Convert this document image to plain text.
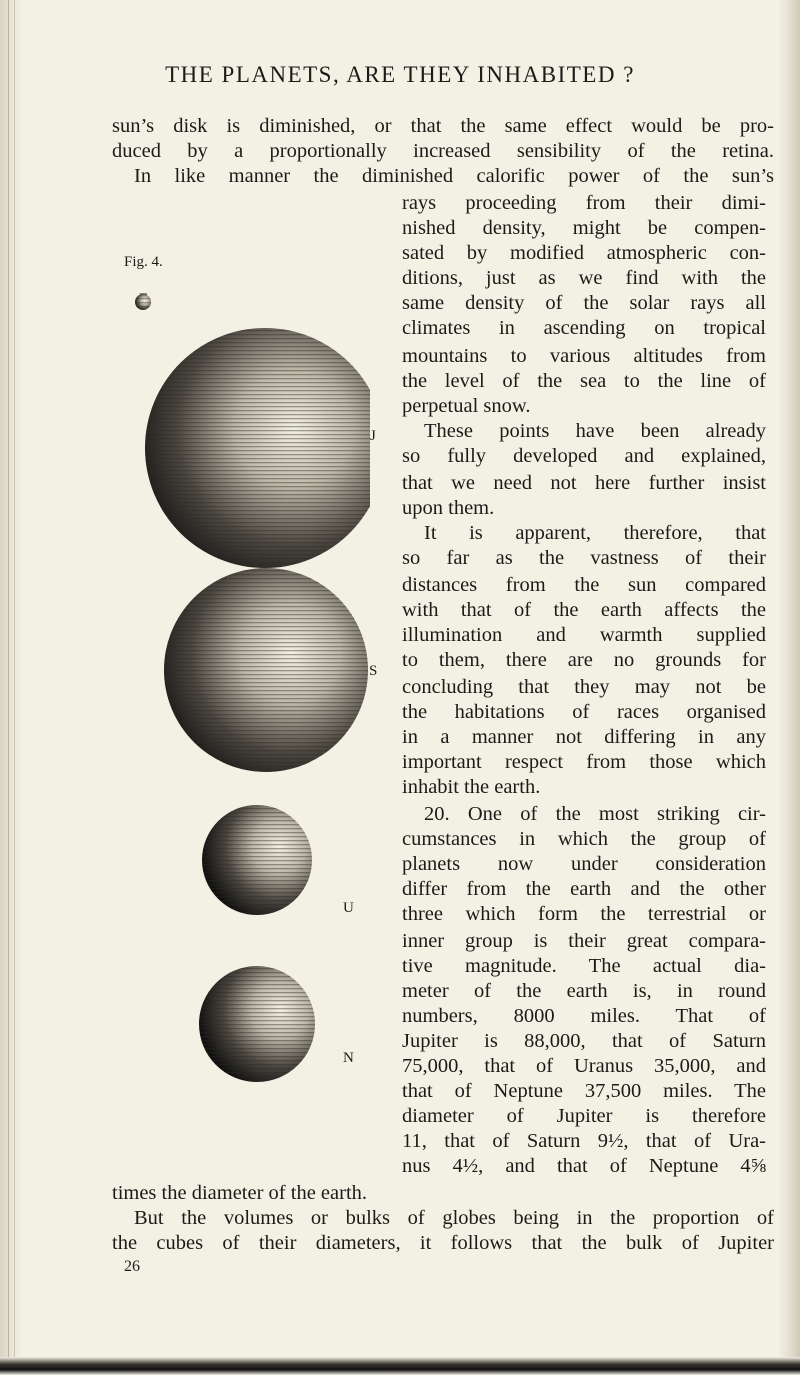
THE PLANETS, ARE THEY INHABITED ?
Fig. 4.
J
S
U
N
sun’s disk is diminished, or that the same effect would be pro-
duced by a proportionally increased sensibility of the retina.
In like manner the diminished calorific power of the sun’s
rays proceeding from their dimi-
nished density, might be compen-
sated by modified atmospheric con-
ditions, just as we find with the
same density of the solar rays all
climates in ascending on tropical
mountains to various altitudes from
the level of the sea to the line of
perpetual snow.
These points have been already
so fully developed and explained,
that we need not here further insist
upon them.
It is apparent, therefore, that
so far as the vastness of their
distances from the sun compared
with that of the earth affects the
illumination and warmth supplied
to them, there are no grounds for
concluding that they may not be
the habitations of races organised
in a manner not differing in any
important respect from those which
inhabit the earth.
20. One of the most striking cir-
cumstances in which the group of
planets now under consideration
differ from the earth and the other
three which form the terrestrial or
inner group is their great compara-
tive magnitude. The actual dia-
meter of the earth is, in round
numbers, 8000 miles. That of
Jupiter is 88,000, that of Saturn
75,000, that of Uranus 35,000, and
that of Neptune 37,500 miles. The
diameter of Jupiter is therefore
11, that of Saturn 9½, that of Ura-
nus 4½, and that of Neptune 4⅝
times the diameter of the earth.
But the volumes or bulks of globes being in the proportion of
the cubes of their diameters, it follows that the bulk of Jupiter
26
